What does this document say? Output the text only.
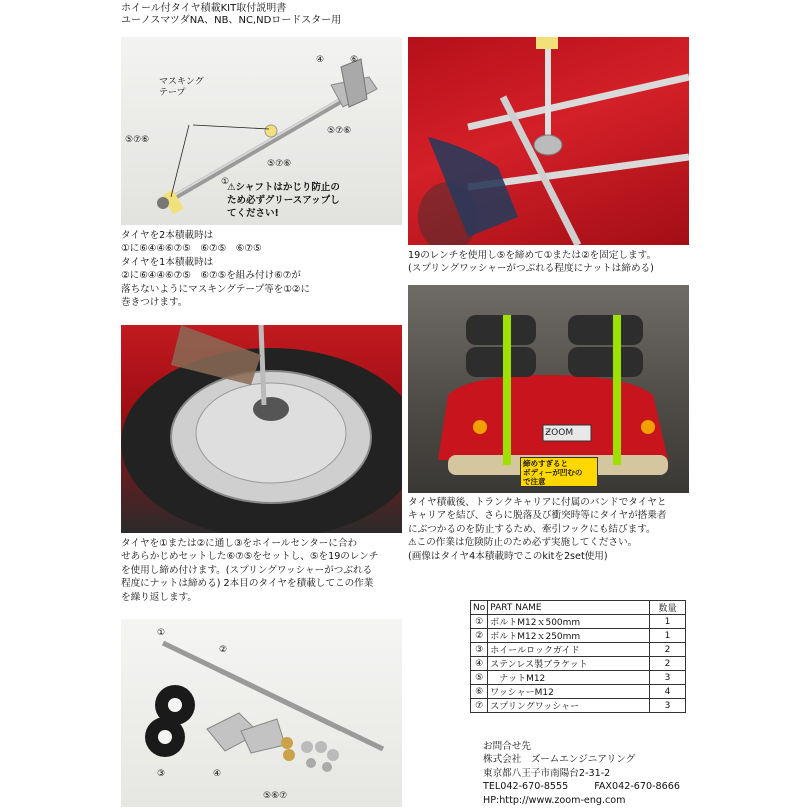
ホイール付タイヤ積載KIT取付説明書
ユーノスマツダNA、NB、NC,NDロードスター用
マスキング
テープ
⑤⑦⑥
⑤⑦⑥
⑤⑦⑥
④	⑥
①
⚠シャフトはかじり防止の
ため必ずグリースアップし
てください!
タイヤを2本積載時は
①に⑥④④⑥⑦⑤　⑥⑦⑤　⑥⑦⑤
タイヤを1本積載時は
②に⑥④④⑥⑦⑤　⑥⑦⑤を組み付け⑥⑦が
落ちないようにマスキングテープ等を①②に
巻きつけます。
19のレンチを使用し⑤を締めて①または②を固定します。
(スプリングワッシャーがつぶれる程度にナットは締める)
ƵOOM
締めすぎると
ボディーが凹むの
で注意
タイヤ積載後、トランクキャリアに付属のバンドでタイヤと
キャリアを結び、さらに脱落及び衝突時等にタイヤが搭乗者
にぶつかるのを防止するため、牽引フックにも結びます。
⚠この作業は危険防止のため必ず実施してください。
(画像はタイヤ4本積載時でこのkitを2set使用)
タイヤを①または②に通し③をホイールセンターに合わ
せあらかじめセットした⑥⑦⑤をセットし、⑤を19のレンチ
を使用し締め付けます。(スプリングワッシャーがつぶれる
程度にナットは締める) 2本目のタイヤを積載してこの作業
を繰り返します。
①
②
③	④
⑤⑥⑦
No	PART NAME	数量
①	ボルトM12ｘ500mm	1
②	ボルトM12ｘ250mm	1
③	ホイールロックガイド	2
④	ステンレス製ブラケット	2
⑤	　ナットM12	3
⑥	ワッシャーM12	4
⑦	スプリングワッシャー	3
お問合せ先
株式会社　ズームエンジニアリング
東京都八王子市南陽台2-31-2
TEL042-670-8555	FAX042-670-8666
HP:http://www.zoom-eng.com
